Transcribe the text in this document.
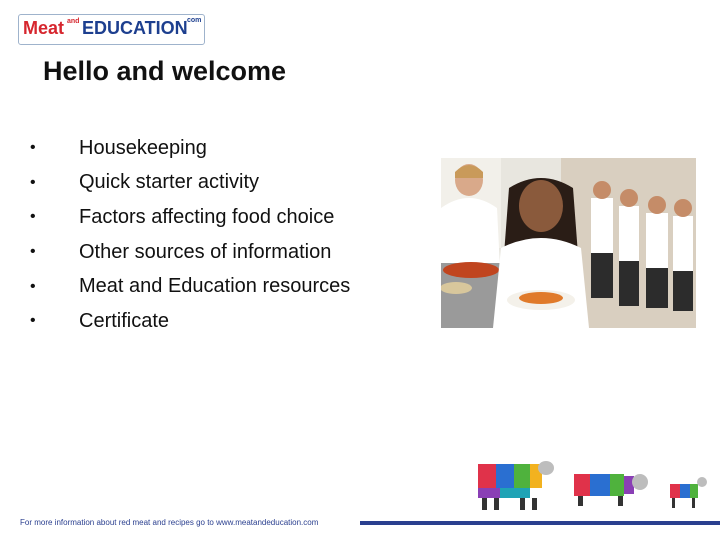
Meat and EDUCATION
.com
Hello and welcome
•	Housekeeping
•	Quick starter activity
•	Factors affecting food choice
•	Other sources of information
•	Meat and Education resources
•	Certificate
For more information about red meat and recipes go to www.meatandeducation.com
